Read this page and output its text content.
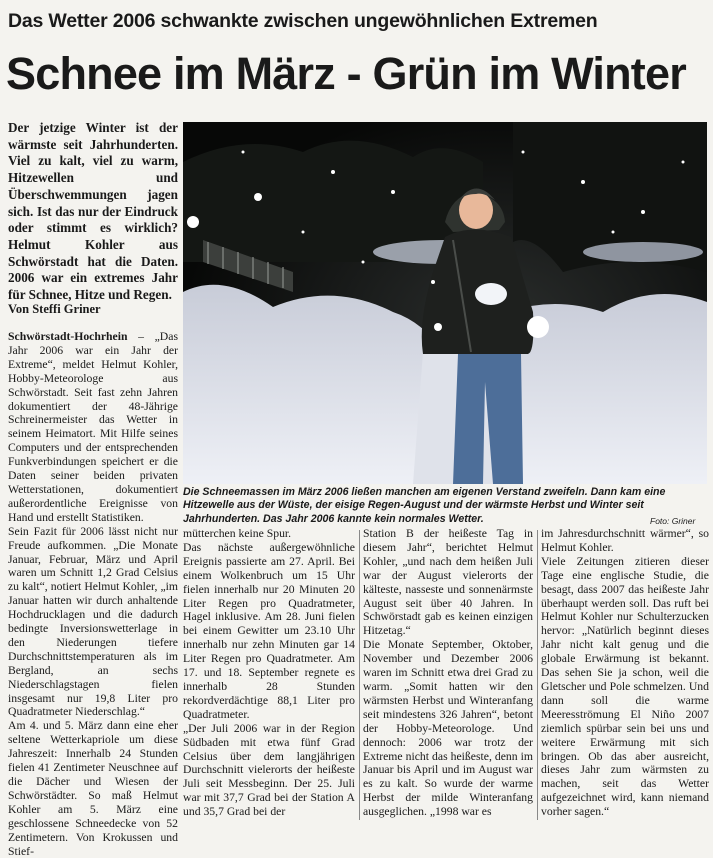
Das Wetter 2006 schwankte zwischen ungewöhnlichen Extremen
Schnee im März - Grün im Winter
Der jetzige Winter ist der wärmste seit Jahrhunderten. Viel zu kalt, viel zu warm, Hitzewellen und Überschwemmungen jagen sich. Ist das nur der Eindruck oder stimmt es wirklich? Helmut Kohler aus Schwörstadt hat die Daten. 2006 war ein extremes Jahr für Schnee, Hitze und Regen.
Von Steffi Griner

Schwörstadt-Hochrhein – „Das Jahr 2006 war ein Jahr der Extreme“, meldet Helmut Kohler, Hobby-Meteorologe aus Schwörstadt. Seit fast zehn Jahren dokumentiert der 48-Jährige Schreinermeister das Wetter in seinem Heimatort. Mit Hilfe seines Computers und der entsprechenden Funkverbindungen speichert er die Daten seiner beiden privaten Wetterstationen, dokumentiert außerordentliche Ereignisse von Hand und erstellt Statistiken.

Sein Fazit für 2006 lässt nicht nur Freude aufkommen. „Die Monate Januar, Februar, März und April waren um Schnitt 1,2 Grad Celsius zu kalt“, notiert Helmut Kohler, „im Januar hatten wir durch anhaltende Hochdrucklagen und die dadurch bedingte Inversionswetterlage in den Niederungen tiefere Durchschnittstemperaturen als im Bergland, an sechs Niederschlagstagen fielen insgesamt nur 19,8 Liter pro Quadratmeter Niederschlag.“

Am 4. und 5. März dann eine eher seltene Wetterkapriole um diese Jahreszeit: Innerhalb 24 Stunden fielen 41 Zentimeter Neuschnee auf die Dächer und Wiesen der Schwörstädter. So maß Helmut Kohler am 5. März eine geschlossene Schneedecke von 52 Zentimetern. Von Krokussen und Stief-

Die Schneemassen im März 2006 ließen manchen am eigenen Verstand zweifeln. Dann kam eine Hitzewelle aus der Wüste, der eisige Regen-August und der wärmste Herbst und Winter seit Jahrhunderten. Das Jahr 2006 kannte kein normales Wetter.	Foto: Griner

mütterchen keine Spur.

Das nächste außergewöhnliche Ereignis passierte am 27. April. Bei einem Wolkenbruch um 15 Uhr fielen innerhalb nur 20 Minuten 20 Liter Regen pro Quadratmeter, Hagel inklusive. Am 28. Juni fielen bei einem Gewitter um 23.10 Uhr innerhalb nur zehn Minuten gar 14 Liter Regen pro Quadratmeter. Am 17. und 18. September regnete es innerhalb 28 Stunden rekordverdächtige 88,1 Liter pro Quadratmeter.

„Der Juli 2006 war in der Region Südbaden mit etwa fünf Grad Celsius über dem langjährigen Durchschnitt vielerorts der heißeste Juli seit Messbeginn. Der 25. Juli war mit 37,7 Grad bei der Station A und 35,7 Grad bei der

Station B der heißeste Tag in diesem Jahr“, berichtet Helmut Kohler, „und nach dem heißen Juli war der August vielerorts der kälteste, nasseste und sonnenärmste August seit über 40 Jahren. In Schwörstadt gab es keinen einzigen Hitzetag.“

Die Monate September, Oktober, November und Dezember 2006 waren im Schnitt etwa drei Grad zu warm. „Somit hatten wir den wärmsten Herbst und Winteranfang seit mindestens 326 Jahren“, betont der Hobby-Meteorologe. Und dennoch: 2006 war trotz der Extreme nicht das heißeste, denn im Januar bis April und im August war es zu kalt. So wurde der warme Herbst der milde Winteranfang ausgeglichen. „1998 war es

im Jahresdurchschnitt wärmer“, so Helmut Kohler.

Viele Zeitungen zitieren dieser Tage eine englische Studie, die besagt, dass 2007 das heißeste Jahr überhaupt werden soll. Das ruft bei Helmut Kohler nur Schulterzucken hervor: „Natürlich beginnt dieses Jahr nicht kalt genug und die globale Erwärmung ist bekannt. Das sehen Sie ja schon, weil die Gletscher und Pole schmelzen. Und dann soll die warme Meeresströmung El Niño 2007 ziemlich spürbar sein bei uns und weitere Erwärmung mit sich bringen. Ob das aber ausreicht, dieses Jahr zum wärmsten zu machen, seit das Wetter aufgezeichnet wird, kann niemand vorher sagen.“
